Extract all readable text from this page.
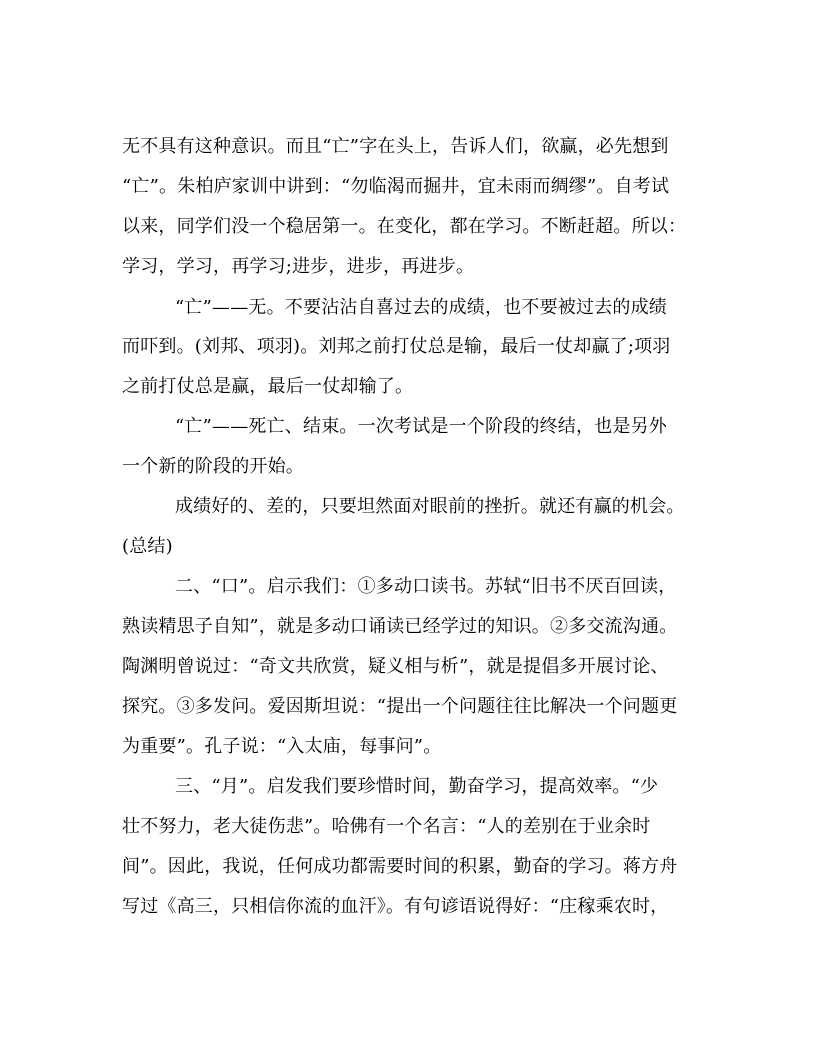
无不具有这种意识。而且“亡”字在头上，告诉人们，欲赢，必先想到
“亡”。朱柏庐家训中讲到：“勿临渴而掘井，宜未雨而绸缪”。自考试
以来，同学们没一个稳居第一。在变化，都在学习。不断赶超。所以：
学习，学习，再学习;进步，进步，再进步。
“亡”——无。不要沾沾自喜过去的成绩，也不要被过去的成绩
而吓到。(刘邦、项羽)。刘邦之前打仗总是输，最后一仗却赢了;项羽
之前打仗总是赢，最后一仗却输了。
“亡”——死亡、结束。一次考试是一个阶段的终结，也是另外
一个新的阶段的开始。
成绩好的、差的，只要坦然面对眼前的挫折。就还有赢的机会。
(总结)
二、“口”。启示我们：①多动口读书。苏轼“旧书不厌百回读，
熟读精思子自知”，就是多动口诵读已经学过的知识。②多交流沟通。
陶渊明曾说过：“奇文共欣赏，疑义相与析”，就是提倡多开展讨论、
探究。③多发问。爱因斯坦说：“提出一个问题往往比解决一个问题更
为重要”。孔子说：“入太庙，每事问”。
三、“月”。启发我们要珍惜时间，勤奋学习，提高效率。“少
壮不努力，老大徒伤悲”。哈佛有一个名言：“人的差别在于业余时
间”。因此，我说，任何成功都需要时间的积累，勤奋的学习。蒋方舟
写过《高三，只相信你流的血汗》。有句谚语说得好：“庄稼乘农时，
